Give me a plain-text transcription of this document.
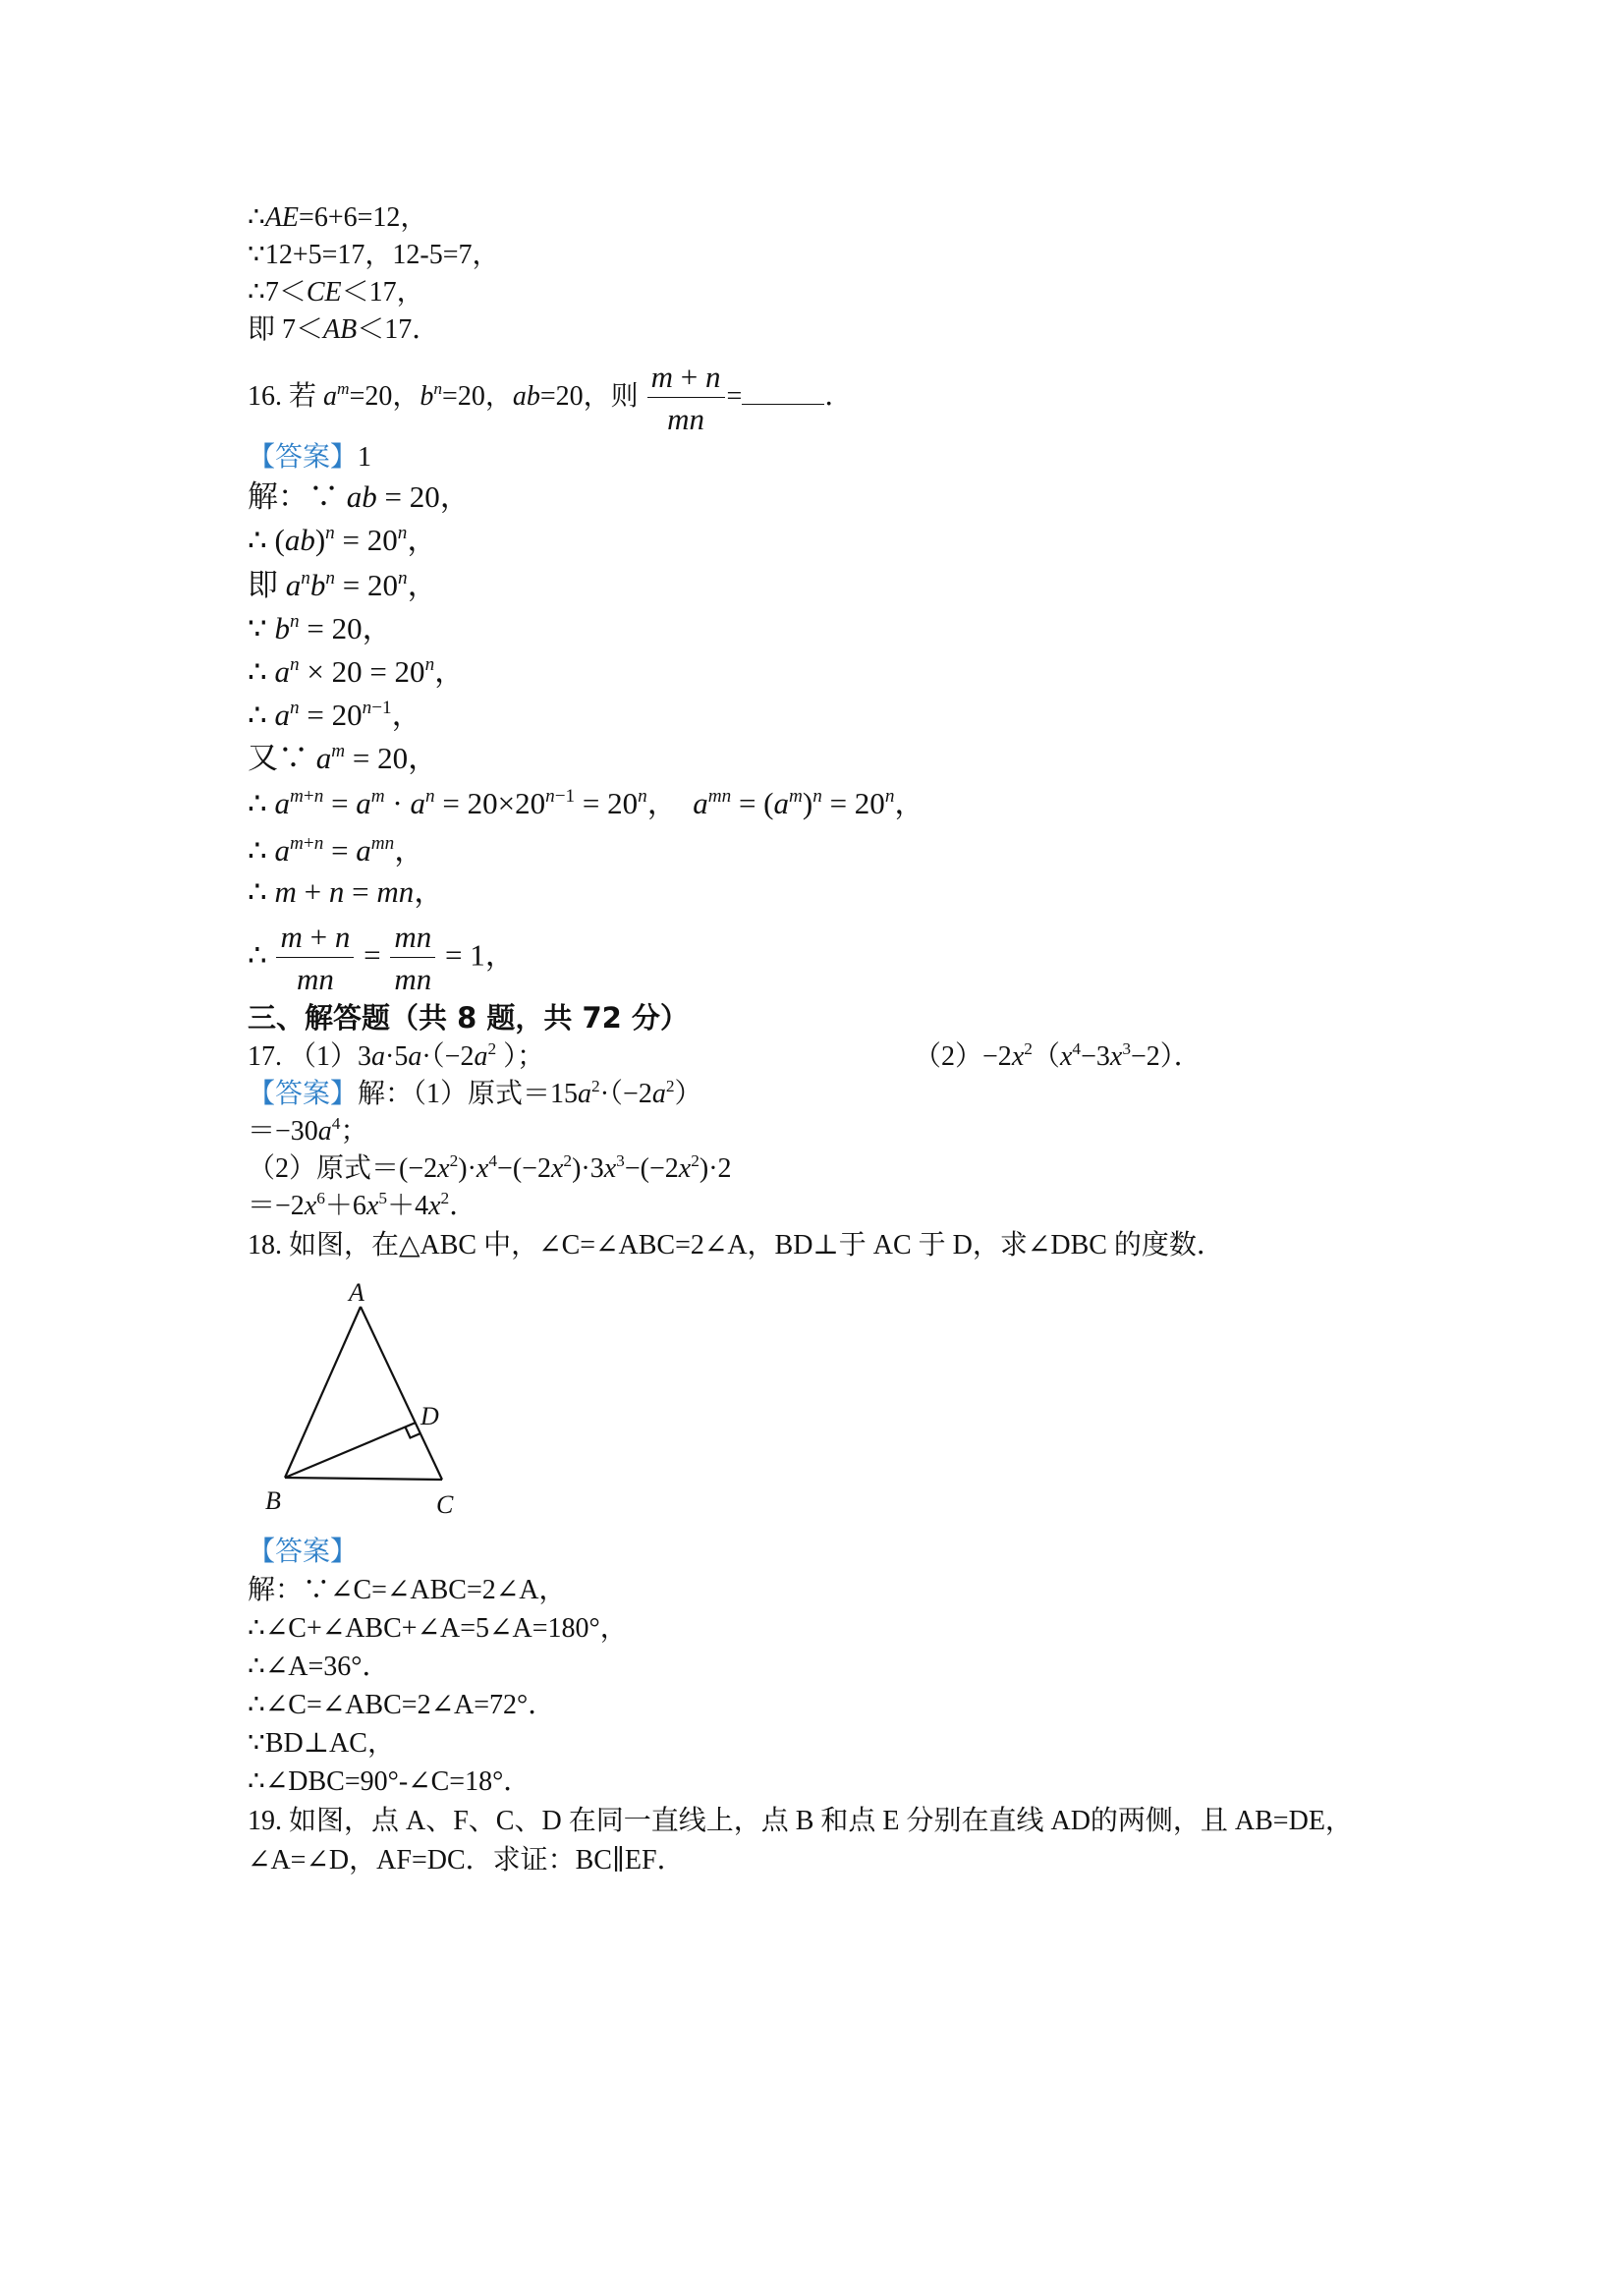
∴AE=6+6=12，
∵12+5=17，12-5=7，
∴7＜CE＜17，
即 7＜AB＜17．
16. 若 $a^m=20$，$b^n=20$，ab=20，则 $\frac{m + n}{mn}$ =	．
【答案】1
解：∵ ab = 20，
∴ $(ab)^n = 20^n$，
即 $a^nb^n = 20^n$，
∵ $b^n = 20$，
∴ $a^n \times 20 = 20^n$，
∴ $a^n = 20^{n-1}$，
又∵ $a^m = 20$，
∴ $a^{m+n} = a^m \cdot a^n = 20\times 20^{n-1} = 20^n$，  $a^{mn} = (a^m)^n = 20^n$，
∴ $a^{m+n} = a^{mn}$，
∴ m + n = mn，
∴ $\frac{m + n}{mn} = \frac{mn}{mn} = 1$，
三、解答题（共 8 题，共 72 分）
17. $(1)3a\cdot 5a\cdot(-2a^2$ ）；	$(2)-2x^2(x^4-3x^3-2)$．
【答案】解：（1）原式$=15a^2\cdot(-2a^2)$
$=-30a^4$；
（2）原式$=(-2x^2)\cdot x^4-(-2x^2)\cdot 3x^3-(-2x^2)\cdot 2$
$=-2x^6+6x^5+4x^2$．
18. 如图，在△ABC 中，∠C=∠ABC=2∠A，BD⊥于 AC 于 D，求∠DBC 的度数．
A
B	C
D
【答案】
解：∵∠C=∠ABC=2∠A，
∴∠C+∠ABC+∠A=5∠A=180°，
∴∠A=36°．
∴∠C=∠ABC=2∠A=72°．
∵BD⊥AC，
∴∠DBC=90°-∠C=18°．
19. 如图，点 A、F、C、D 在同一直线上，点 B 和点 E 分别在直线 AD的两侧，且 AB=DE，
∠A=∠D，AF=DC．求证：BC∥EF．
